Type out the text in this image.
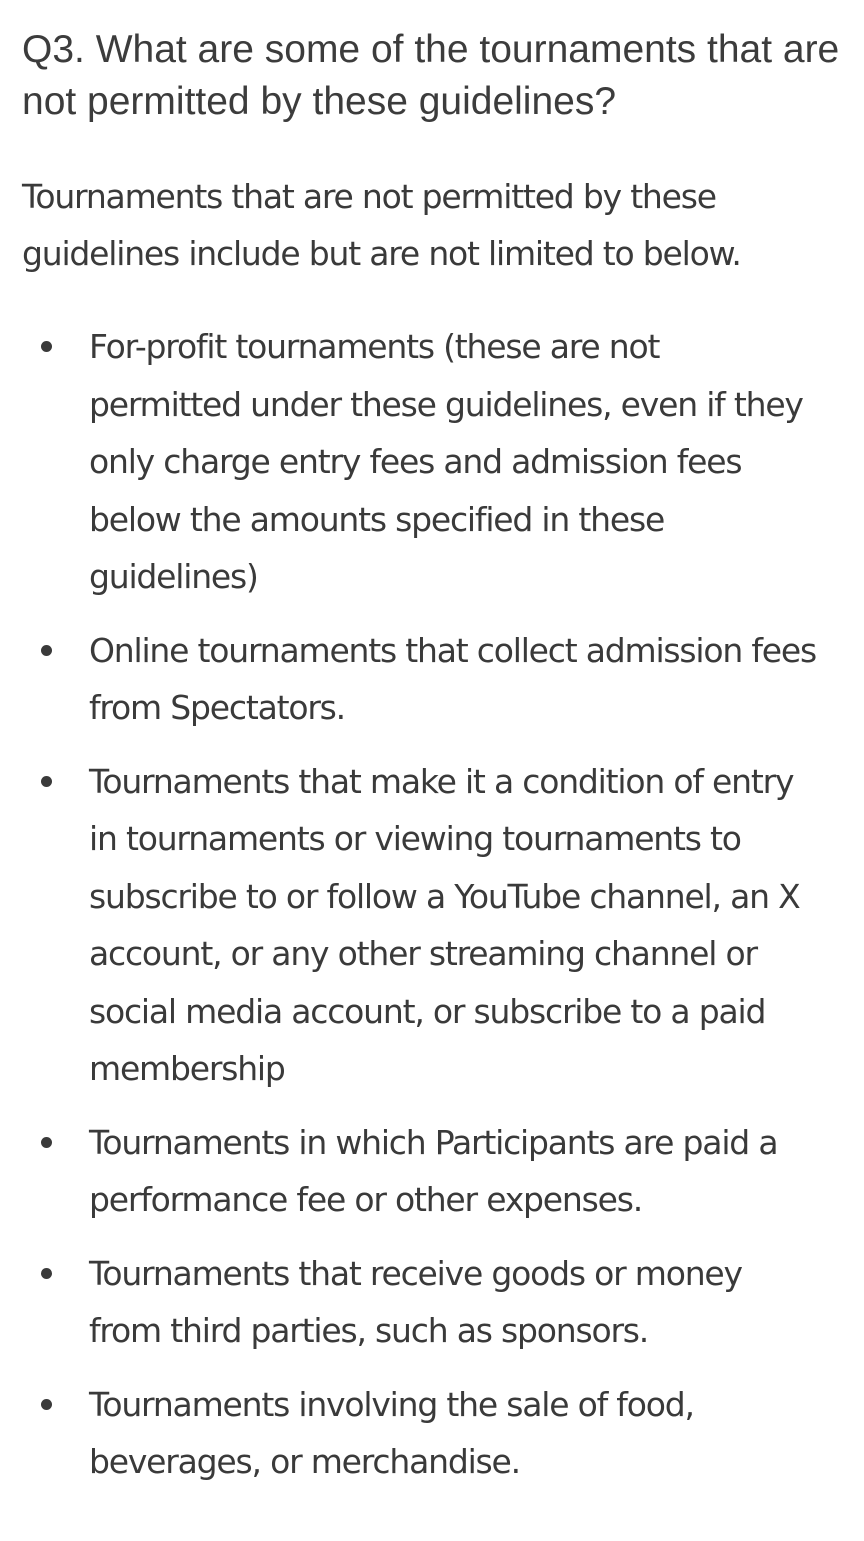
Q3. What are some of the tournaments that are not permitted by these guidelines?

Tournaments that are not permitted by these guidelines include but are not limited to below.

For-profit tournaments (these are not permitted under these guidelines, even if they only charge entry fees and admission fees below the amounts specified in these guidelines)
Online tournaments that collect admission fees from Spectators.
Tournaments that make it a condition of entry in tournaments or viewing tournaments to subscribe to or follow a YouTube channel, an X account, or any other streaming channel or social media account, or subscribe to a paid membership
Tournaments in which Participants are paid a performance fee or other expenses.
Tournaments that receive goods or money from third parties, such as sponsors.
Tournaments involving the sale of food, beverages, or merchandise.
